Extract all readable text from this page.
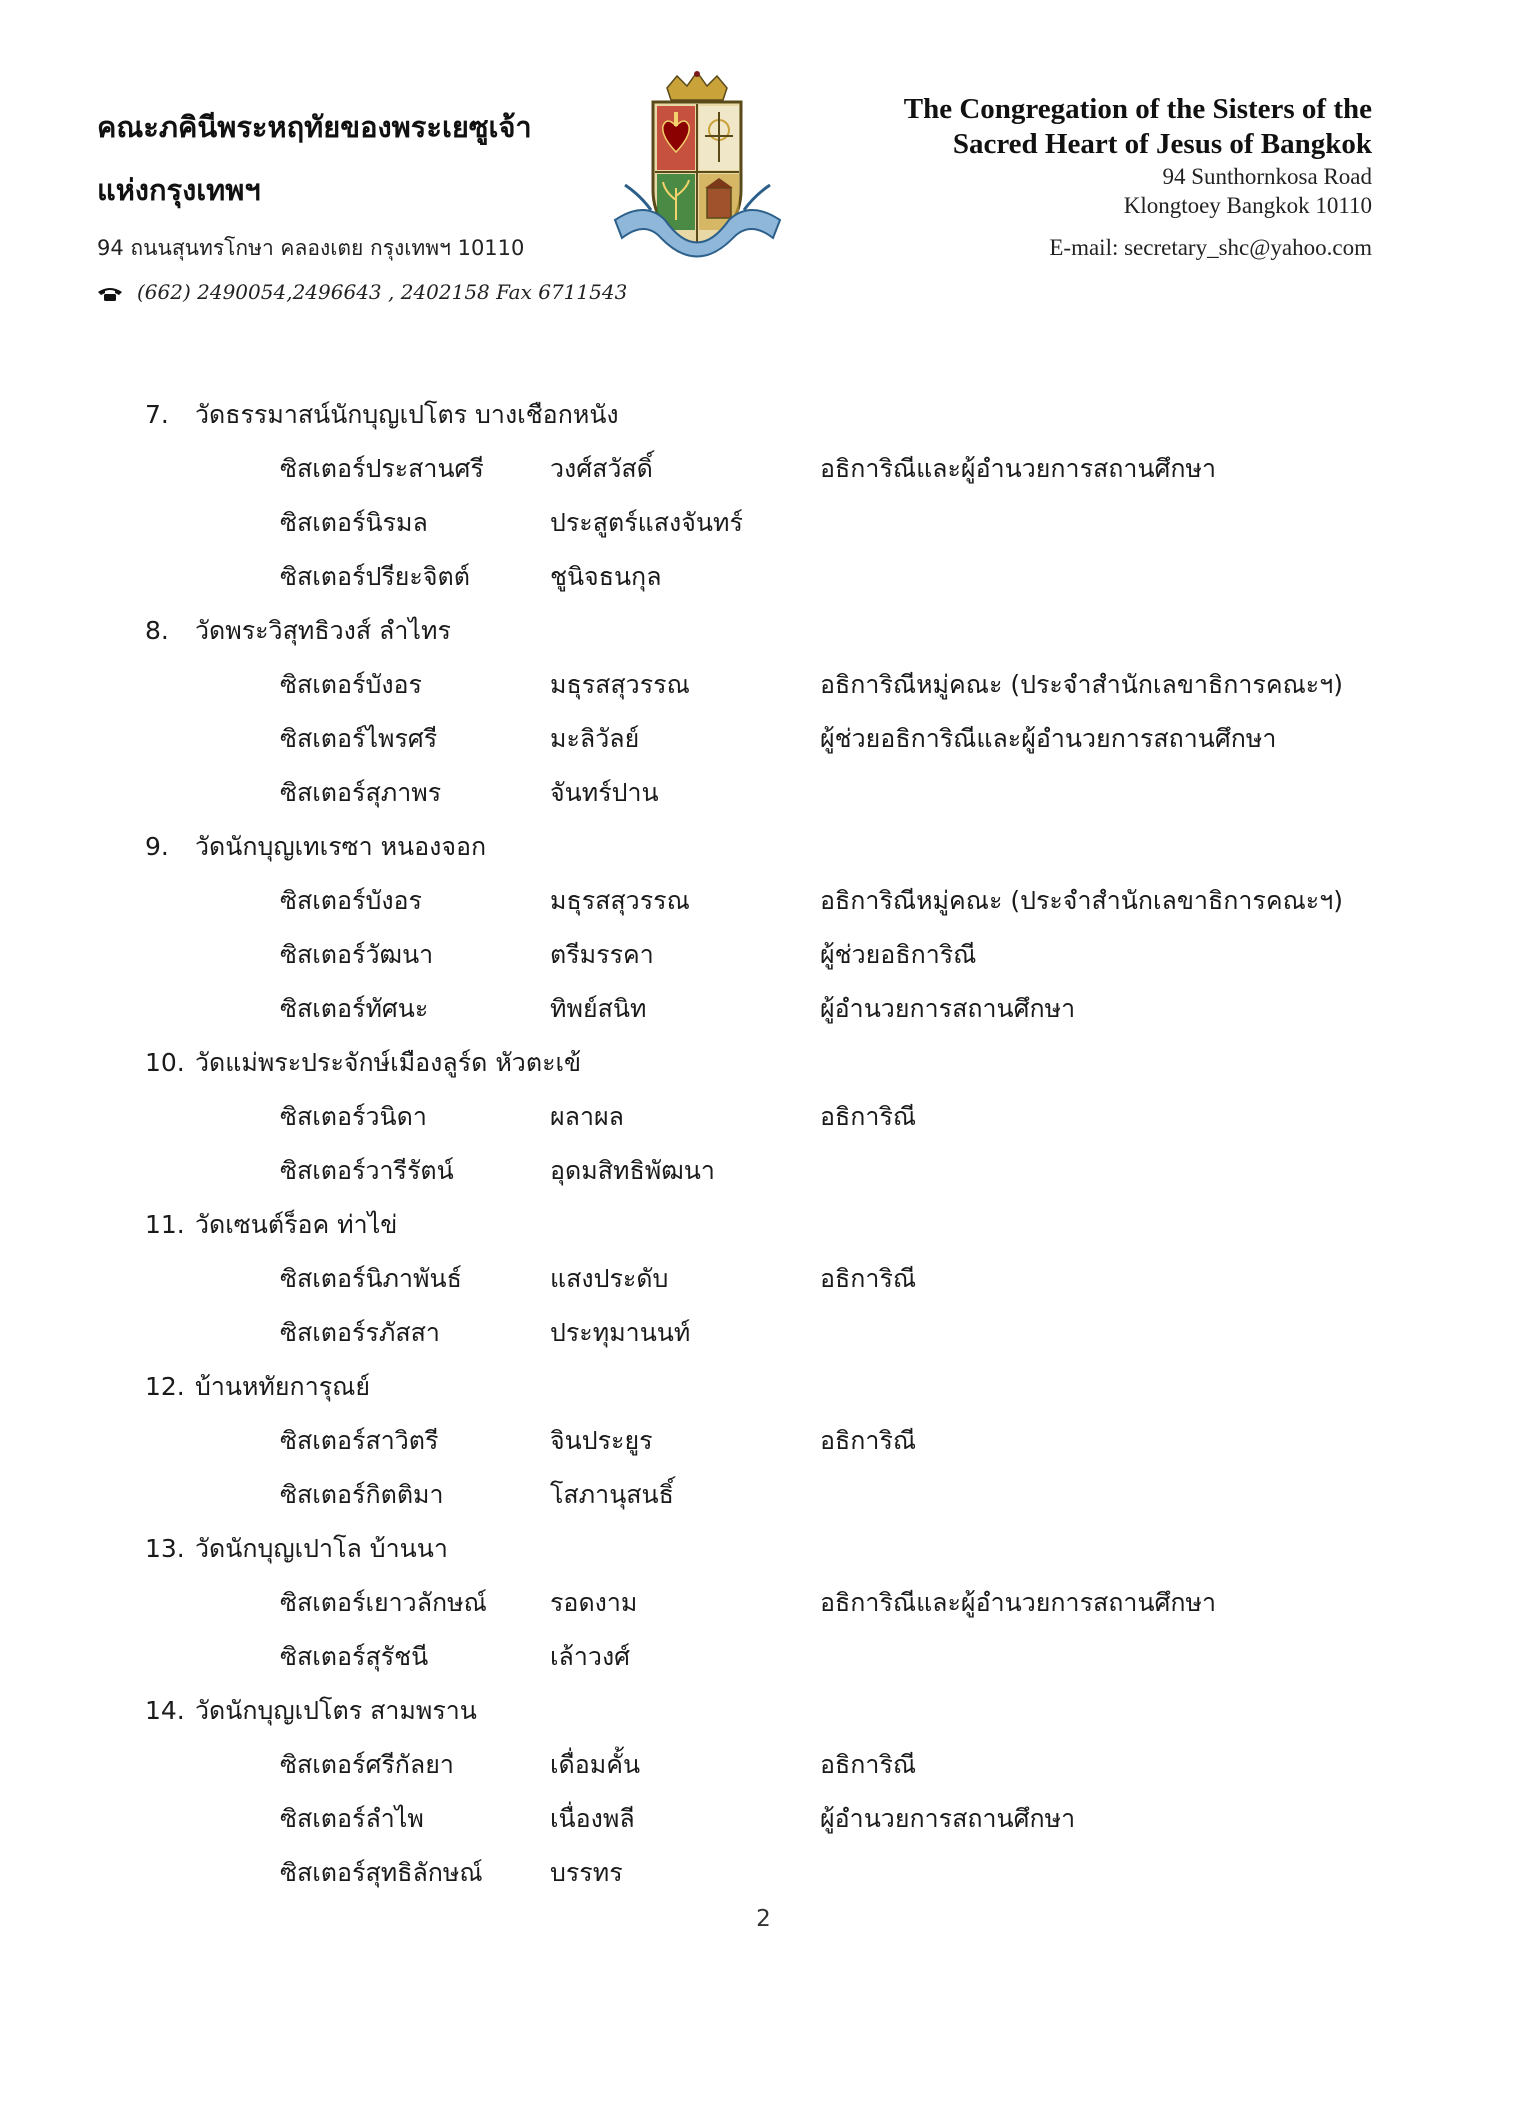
คณะภคินีพระหฤทัยของพระเยซูเจ้า
แห่งกรุงเทพฯ
94 ถนนสุนทรโกษา คลองเตย กรุงเทพฯ 10110
(662) 2490054,2496643 , 2402158 Fax 6711543
The Congregation of the Sisters of the
Sacred Heart of Jesus of Bangkok
94 Sunthornkosa Road
Klongtoey Bangkok 10110
E-mail: secretary_shc@yahoo.com
7. วัดธรรมาสน์นักบุญเปโตร บางเชือกหนัง
ซิสเตอร์ประสานศรี	วงศ์สวัสดิ์	อธิการิณีและผู้อำนวยการสถานศึกษา
ซิสเตอร์นิรมล	ประสูตร์แสงจันทร์
ซิสเตอร์ปรียะจิตต์	ชูนิจธนกุล
8. วัดพระวิสุทธิวงส์ ลำไทร
ซิสเตอร์บังอร	มธุรสสุวรรณ	อธิการิณีหมู่คณะ (ประจำสำนักเลขาธิการคณะฯ)
ซิสเตอร์ไพรศรี	มะลิวัลย์	ผู้ช่วยอธิการิณีและผู้อำนวยการสถานศึกษา
ซิสเตอร์สุภาพร	จันทร์ปาน
9. วัดนักบุญเทเรซา หนองจอก
ซิสเตอร์บังอร	มธุรสสุวรรณ	อธิการิณีหมู่คณะ (ประจำสำนักเลขาธิการคณะฯ)
ซิสเตอร์วัฒนา	ตรีมรรคา	ผู้ช่วยอธิการิณี
ซิสเตอร์ทัศนะ	ทิพย์สนิท	ผู้อำนวยการสถานศึกษา
10. วัดแม่พระประจักษ์เมืองลูร์ด หัวตะเข้
ซิสเตอร์วนิดา	ผลาผล	อธิการิณี
ซิสเตอร์วารีรัตน์	อุดมสิทธิพัฒนา
11. วัดเซนต์ร็อค ท่าไข่
ซิสเตอร์นิภาพันธ์	แสงประดับ	อธิการิณี
ซิสเตอร์รภัสสา	ประทุมานนท์
12. บ้านหทัยการุณย์
ซิสเตอร์สาวิตรี	จินประยูร	อธิการิณี
ซิสเตอร์กิตติมา	โสภานุสนธิ์
13. วัดนักบุญเปาโล บ้านนา
ซิสเตอร์เยาวลักษณ์	รอดงาม	อธิการิณีและผู้อำนวยการสถานศึกษา
ซิสเตอร์สุรัชนี	เล้าวงศ์
14. วัดนักบุญเปโตร สามพราน
ซิสเตอร์ศรีกัลยา	เดื่อมคั้น	อธิการิณี
ซิสเตอร์ลำไพ	เนื่องพลี	ผู้อำนวยการสถานศึกษา
ซิสเตอร์สุทธิลักษณ์	บรรทร
2
